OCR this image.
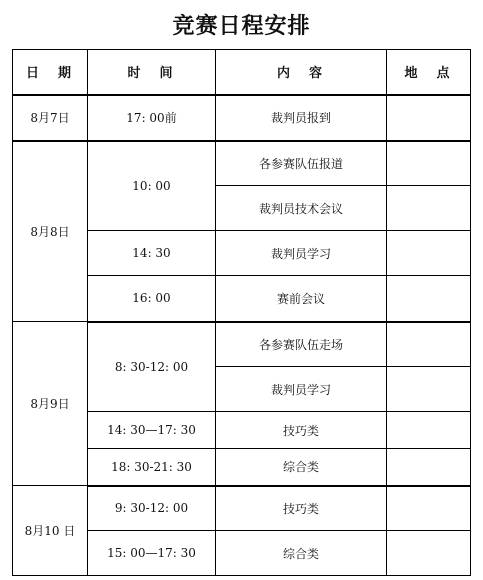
竞赛日程安排
日　期	时　间	内　容	地　点
8月7日	17: 00前	裁判员报到	
8月8日	10: 00	各参赛队伍报道	
		裁判员技术会议	
	14: 30	裁判员学习	
	16: 00	赛前会议	
8月9日	8: 30-12: 00	各参赛队伍走场	
		裁判员学习	
	14: 30—17: 30	技巧类	
	18: 30-21: 30	综合类	
8月10 日	9: 30-12: 00	技巧类	
	15: 00—17: 30	综合类	
